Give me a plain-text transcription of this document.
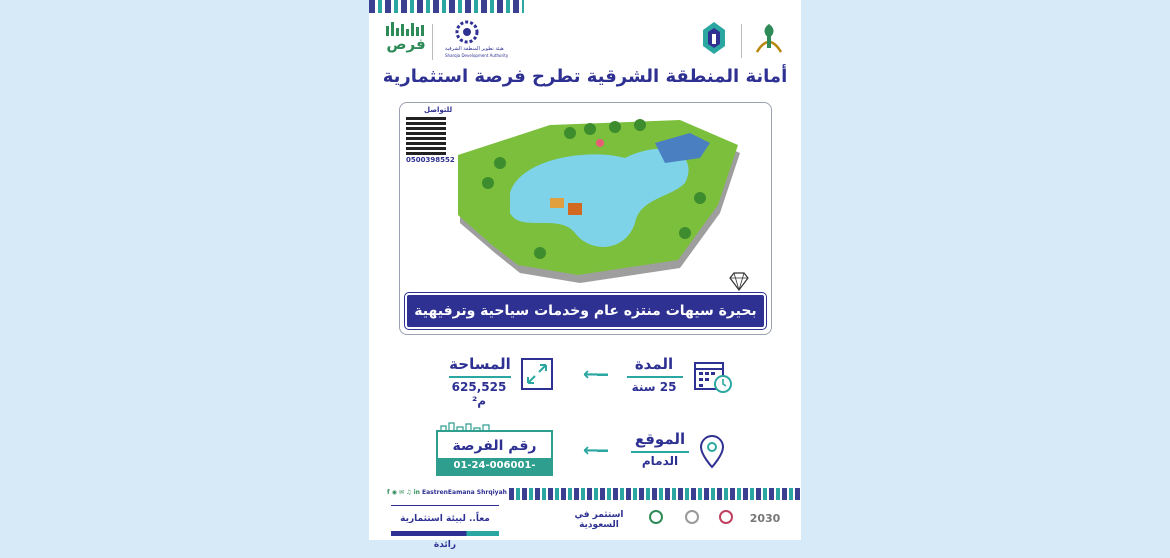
فرص	هيئة تطوير المنطقة الشرقية
Sharqia Development Authority
أمانة المنطقة الشرقية تطرح فرصة استثمارية
للتواصل
0500398552
بحيرة سيهات منتزه عام وخدمات سياحية وترفيهية متعددة
المدة
25 سنة
←--
المساحة
625,525 م²
الموقع
الدمام
←--
رقم الفرصة
01-24-006001-20001
f ◉ ✉ ♫ in EastrenEamana Shrqiyah
معاً.. لبيئة استثمارية رائدة
استثمر في السعودية	2030
